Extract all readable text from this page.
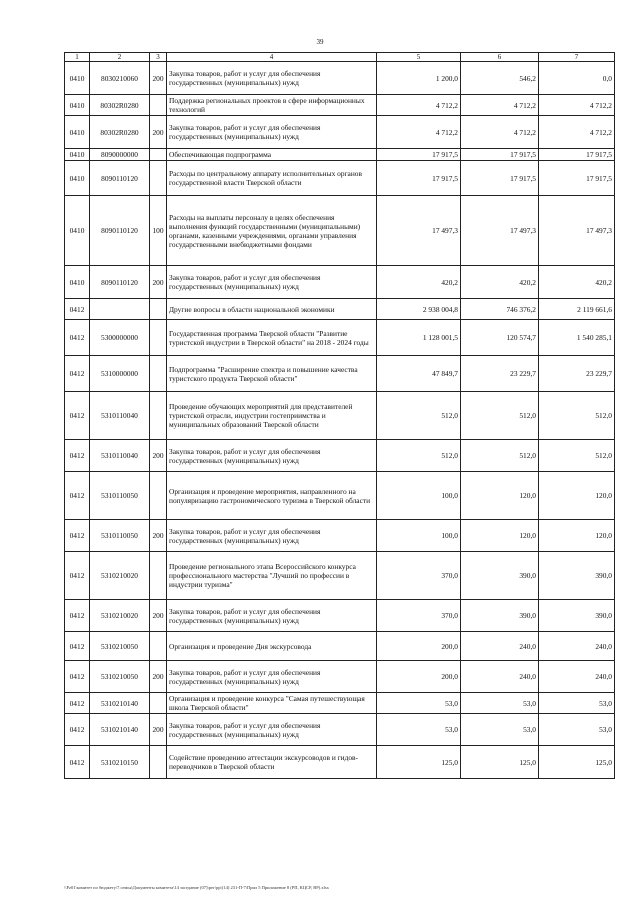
39
1	2	3	4	5	6	7
0410	8030210060	200	Закупка товаров, работ и услуг для обеспечения государственных (муниципальных) нужд	1 200,0	546,2	0,0
0410	80302R0280		Поддержка региональных проектов в сфере информационных технологий	4 712,2	4 712,2	4 712,2
0410	80302R0280	200	Закупка товаров, работ и услуг для обеспечения государственных (муниципальных) нужд	4 712,2	4 712,2	4 712,2
0410	8090000000		Обеспечивающая подпрограмма	17 917,5	17 917,5	17 917,5
0410	8090110120		Расходы по центральному аппарату исполнительных органов государственной власти Тверской области	17 917,5	17 917,5	17 917,5
0410	8090110120	100	Расходы на выплаты персоналу в целях обеспечения выполнения функций государственными (муниципальными) органами, казенными учреждениями, органами управления государственными внебюджетными фондами	17 497,3	17 497,3	17 497,3
0410	8090110120	200	Закупка товаров, работ и услуг для обеспечения государственных (муниципальных) нужд	420,2	420,2	420,2
0412			Другие вопросы в области национальной экономики	2 938 004,8	746 376,2	2 119 661,6
0412	5300000000		Государственная программа Тверской области "Развитие туристской индустрии в Тверской области" на 2018 - 2024 годы	1 128 001,5	120 574,7	1 540 285,1
0412	5310000000		Подпрограмма "Расширение спектра и повышение качества туристского продукта Тверской области"	47 849,7	23 229,7	23 229,7
0412	5310110040		Проведение обучающих мероприятий для представителей туристской отрасли, индустрии гостеприимства и муниципальных образований Тверской области	512,0	512,0	512,0
0412	5310110040	200	Закупка товаров, работ и услуг для обеспечения государственных (муниципальных) нужд	512,0	512,0	512,0
0412	5310110050		Организация и проведение мероприятия, направленного на популяризацию гастрономического туризма в Тверской области	100,0	120,0	120,0
0412	5310110050	200	Закупка товаров, работ и услуг для обеспечения государственных (муниципальных) нужд	100,0	120,0	120,0
0412	5310210020		Проведение регионального этапа Всероссийского конкурса профессионального мастерства "Лучший по профессии в индустрии туризма"	370,0	390,0	390,0
0412	5310210020	200	Закупка товаров, работ и услуг для обеспечения государственных (муниципальных) нужд	370,0	390,0	390,0
0412	5310210050		Организация и проведение Дня экскурсовода	200,0	240,0	240,0
0412	5310210050	200	Закупка товаров, работ и услуг для обеспечения государственных (муниципальных) нужд	200,0	240,0	240,0
0412	5310210140		Организация и проведение конкурса "Самая путешествующая школа Тверской области"	53,0	53,0	53,0
0412	5310210140	200	Закупка товаров, работ и услуг для обеспечения государственных (муниципальных) нужд	53,0	53,0	53,0
0412	5310210150		Содействие проведению аттестации экскурсоводов и гидов-переводчиков в Тверской области	125,0	125,0	125,0
\\Pz01\комитет по бюджету\7.семья\Документы комитета\14 заседание (07)\рег\рр\(14) 231-П-7\Прил 5 Приложение 8 (РП, КЦСР, ВР).xlsx
